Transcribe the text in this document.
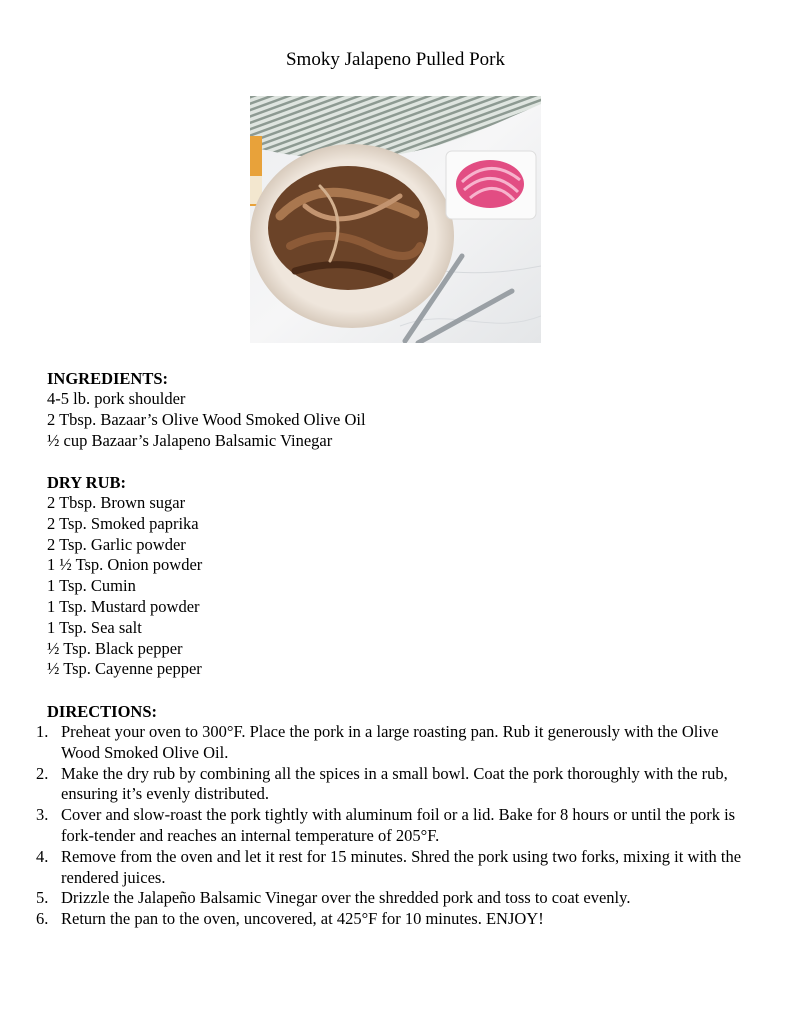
Smoky Jalapeno Pulled Pork
INGREDIENTS:
4-5 lb. pork shoulder
2 Tbsp. Bazaar’s Olive Wood Smoked Olive Oil
½ cup Bazaar’s Jalapeno Balsamic Vinegar
DRY RUB:
2 Tbsp. Brown sugar
2 Tsp. Smoked paprika
2 Tsp. Garlic powder
1 ½ Tsp. Onion powder
1 Tsp. Cumin
1 Tsp. Mustard powder
1 Tsp. Sea salt
½ Tsp. Black pepper
½ Tsp. Cayenne pepper
DIRECTIONS:
1. Preheat your oven to 300°F. Place the pork in a large roasting pan. Rub it generously with the Olive Wood Smoked Olive Oil.
2. Make the dry rub by combining all the spices in a small bowl. Coat the pork thoroughly with the rub, ensuring it’s evenly distributed.
3. Cover and slow-roast the pork tightly with aluminum foil or a lid. Bake for 8 hours or until the pork is fork-tender and reaches an internal temperature of 205°F.
4. Remove from the oven and let it rest for 15 minutes. Shred the pork using two forks, mixing it with the rendered juices.
5. Drizzle the Jalapeño Balsamic Vinegar over the shredded pork and toss to coat evenly.
6. Return the pan to the oven, uncovered, at 425°F for 10 minutes. ENJOY!
